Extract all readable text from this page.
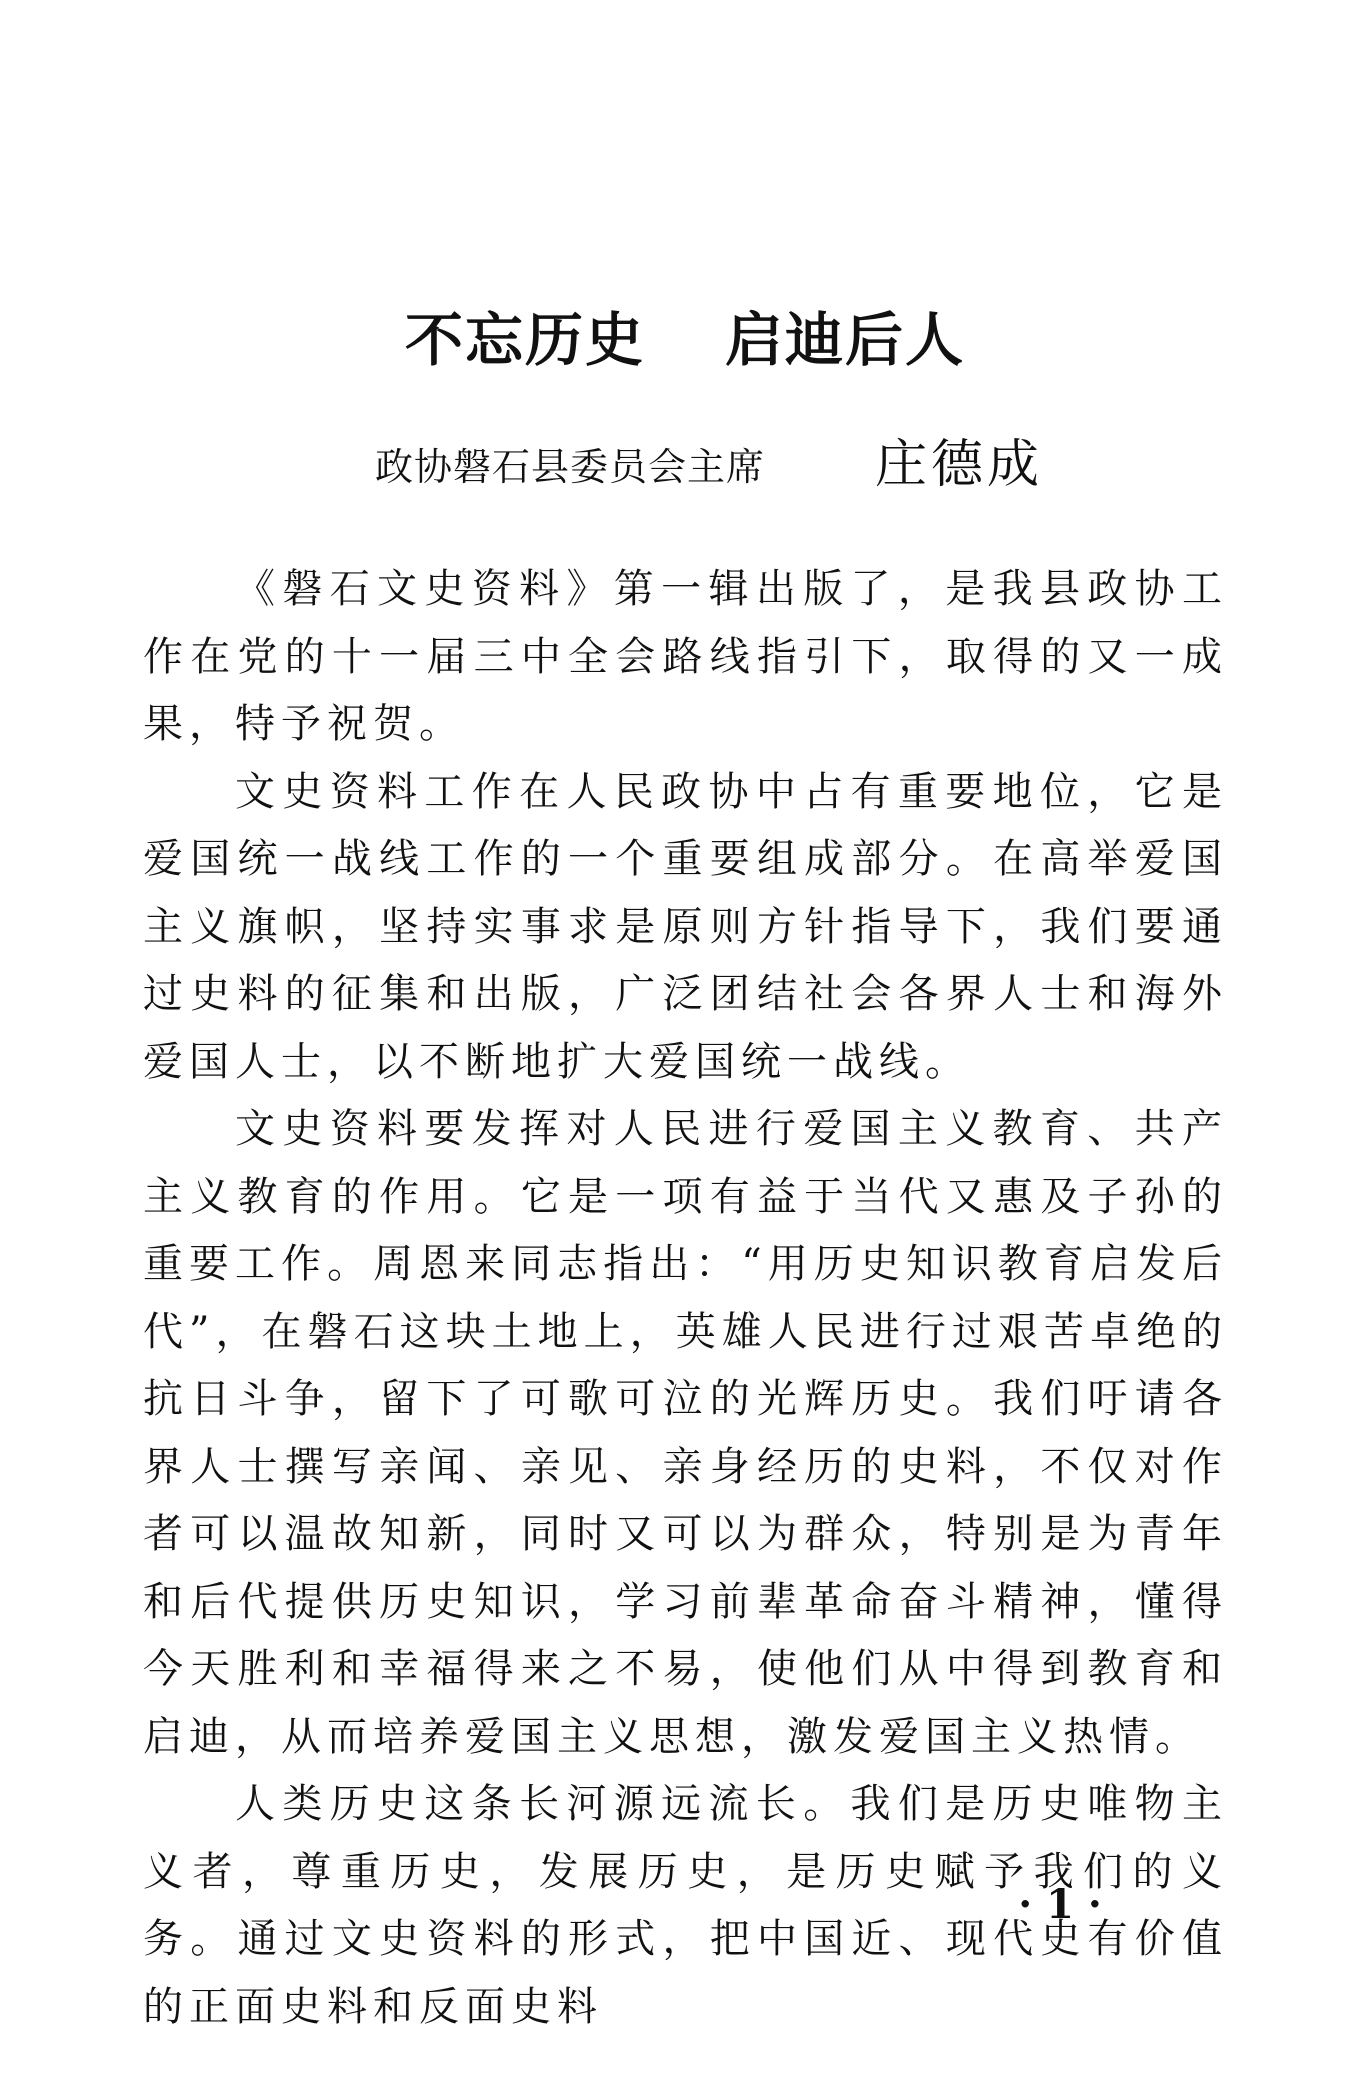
不忘历史 启迪后人
政协磐石县委员会主席 庄德成

《磐石文史资料》第一辑出版了，是我县政协工作在党的十一届三中全会路线指引下，取得的又一成果，特予祝贺。

文史资料工作在人民政协中占有重要地位，它是爱国统一战线工作的一个重要组成部分。在高举爱国主义旗帜，坚持实事求是原则方针指导下，我们要通过史料的征集和出版，广泛团结社会各界人士和海外爱国人士，以不断地扩大爱国统一战线。

文史资料要发挥对人民进行爱国主义教育、共产主义教育的作用。它是一项有益于当代又惠及子孙的重要工作。周恩来同志指出：“用历史知识教育启发后代”，在磐石这块土地上，英雄人民进行过艰苦卓绝的抗日斗争，留下了可歌可泣的光辉历史。我们吁请各界人士撰写亲闻、亲见、亲身经历的史料，不仅对作者可以温故知新，同时又可以为群众，特别是为青年和后代提供历史知识，学习前辈革命奋斗精神，懂得今天胜利和幸福得来之不易，使他们从中得到教育和启迪，从而培养爱国主义思想，激发爱国主义热情。

人类历史这条长河源远流长。我们是历史唯物主义者，尊重历史，发展历史，是历史赋予我们的义务。通过文史资料的形式，把中国近、现代史有价值的正面史料和反面史料

· 1 ·
